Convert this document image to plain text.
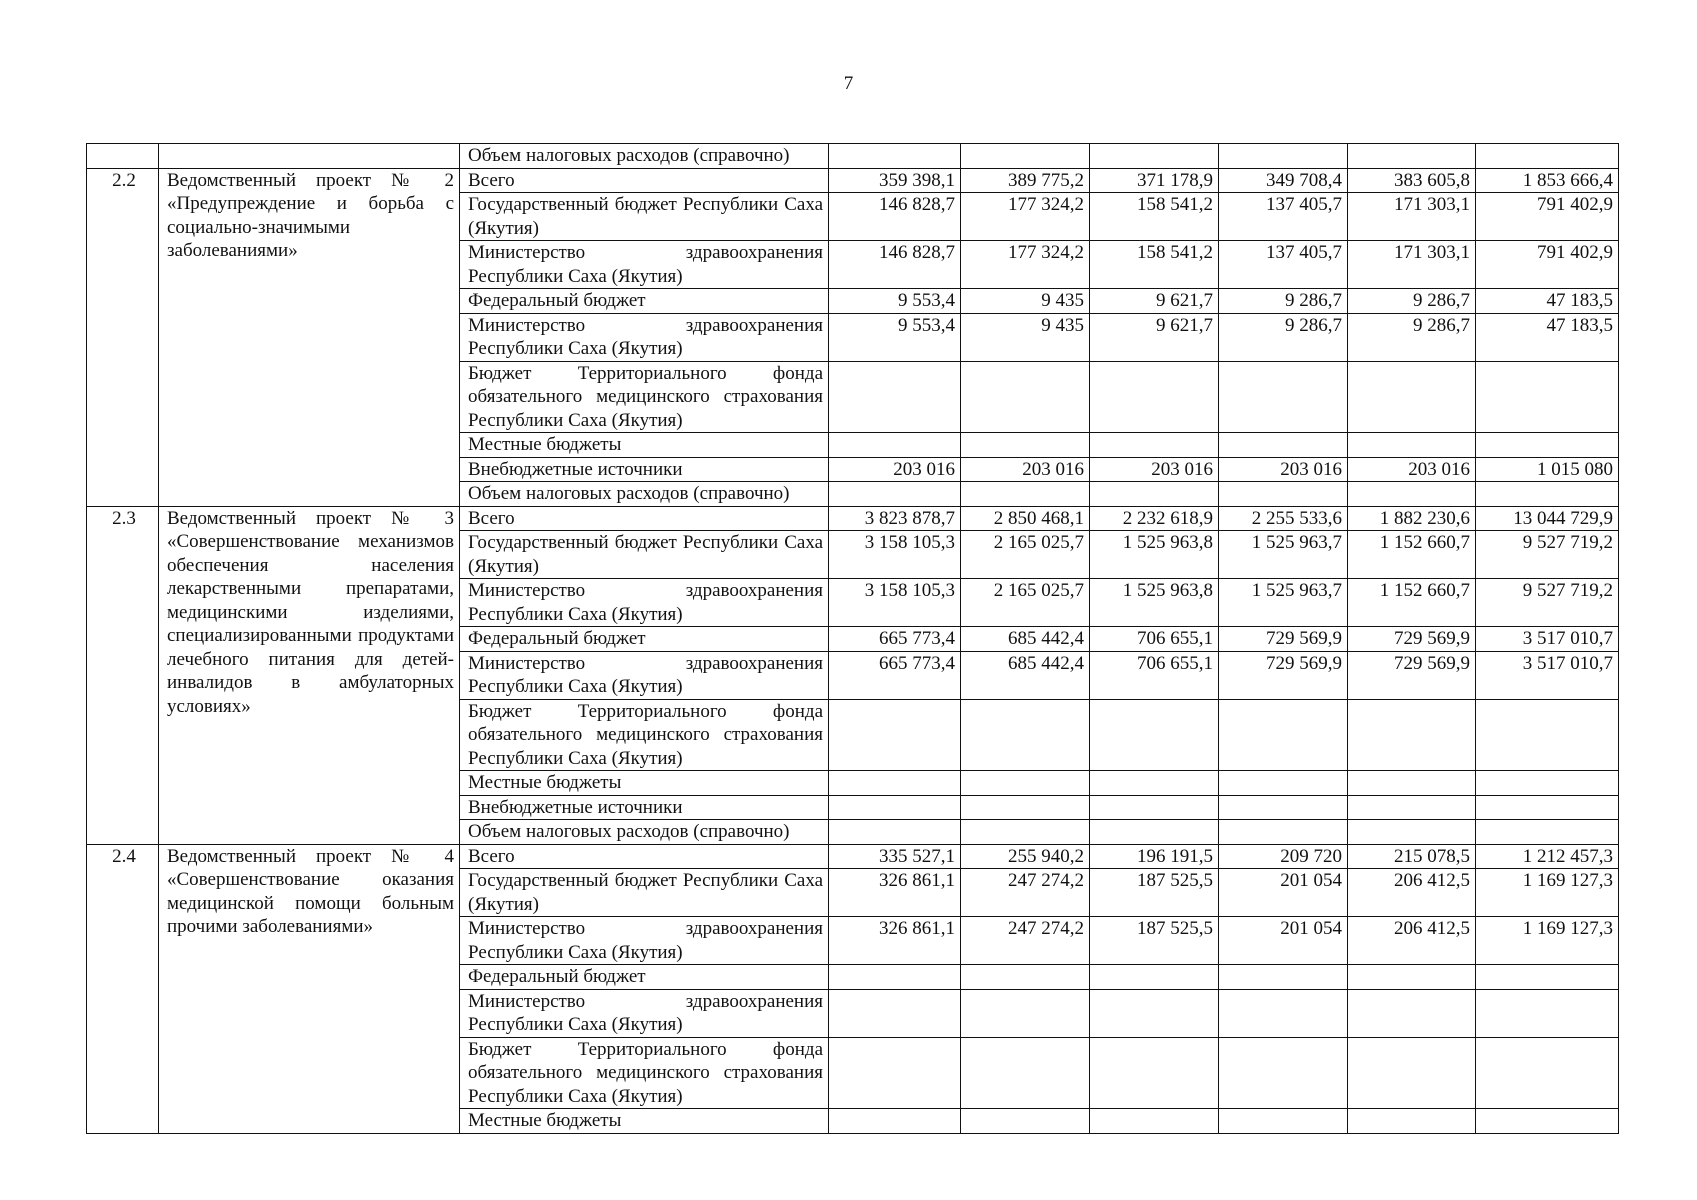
7
		Объем налоговых расходов (справочно)						
2.2	Ведомственный проект № 2 «Предупреждение и борьба с социально-значимыми заболеваниями»	Всего	359 398,1	389 775,2	371 178,9	349 708,4	383 605,8	1 853 666,4
		Государственный бюджет Республики Саха (Якутия)	146 828,7	177 324,2	158 541,2	137 405,7	171 303,1	791 402,9
		Министерство здравоохранения Республики Саха (Якутия)	146 828,7	177 324,2	158 541,2	137 405,7	171 303,1	791 402,9
		Федеральный бюджет	9 553,4	9 435	9 621,7	9 286,7	9 286,7	47 183,5
		Министерство здравоохранения Республики Саха (Якутия)	9 553,4	9 435	9 621,7	9 286,7	9 286,7	47 183,5
		Бюджет Территориального фонда обязательного медицинского страхования Республики Саха (Якутия)						
		Местные бюджеты						
		Внебюджетные источники	203 016	203 016	203 016	203 016	203 016	1 015 080
		Объем налоговых расходов (справочно)						
2.3	Ведомственный проект № 3 «Совершенствование механизмов обеспечения населения лекарственными препаратами, медицинскими изделиями, специализированными продуктами лечебного питания для детей-инвалидов в амбулаторных условиях»	Всего	3 823 878,7	2 850 468,1	2 232 618,9	2 255 533,6	1 882 230,6	13 044 729,9
		Государственный бюджет Республики Саха (Якутия)	3 158 105,3	2 165 025,7	1 525 963,8	1 525 963,7	1 152 660,7	9 527 719,2
		Министерство здравоохранения Республики Саха (Якутия)	3 158 105,3	2 165 025,7	1 525 963,8	1 525 963,7	1 152 660,7	9 527 719,2
		Федеральный бюджет	665 773,4	685 442,4	706 655,1	729 569,9	729 569,9	3 517 010,7
		Министерство здравоохранения Республики Саха (Якутия)	665 773,4	685 442,4	706 655,1	729 569,9	729 569,9	3 517 010,7
		Бюджет Территориального фонда обязательного медицинского страхования Республики Саха (Якутия)						
		Местные бюджеты						
		Внебюджетные источники						
		Объем налоговых расходов (справочно)						
2.4	Ведомственный проект № 4 «Совершенствование оказания медицинской помощи больным прочими заболеваниями»	Всего	335 527,1	255 940,2	196 191,5	209 720	215 078,5	1 212 457,3
		Государственный бюджет Республики Саха (Якутия)	326 861,1	247 274,2	187 525,5	201 054	206 412,5	1 169 127,3
		Министерство здравоохранения Республики Саха (Якутия)	326 861,1	247 274,2	187 525,5	201 054	206 412,5	1 169 127,3
		Федеральный бюджет						
		Министерство здравоохранения Республики Саха (Якутия)						
		Бюджет Территориального фонда обязательного медицинского страхования Республики Саха (Якутия)						
		Местные бюджеты						
